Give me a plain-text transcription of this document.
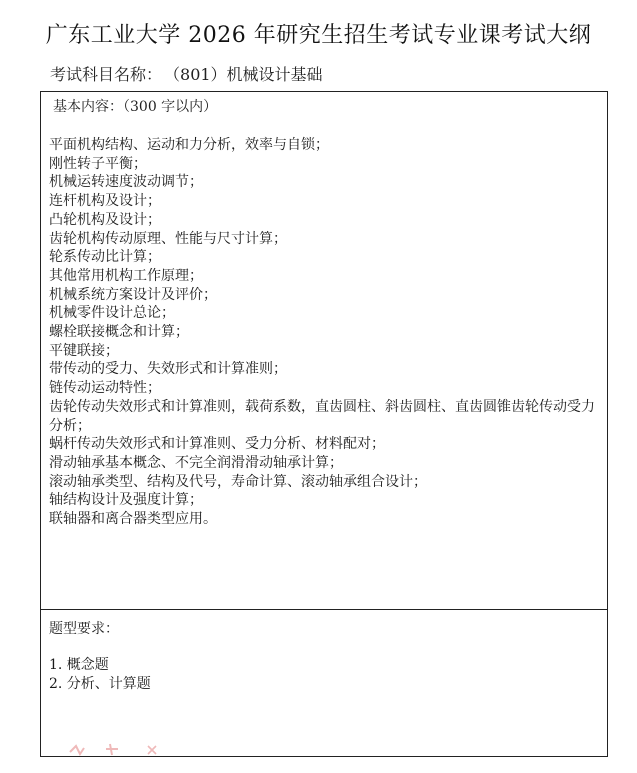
广东工业大学 2026 年研究生招生考试专业课考试大纲
考试科目名称： （801）机械设计基础
基本内容：（300 字以内）
平面机构结构、运动和力分析，效率与自锁；
刚性转子平衡；
机械运转速度波动调节；
连杆机构及设计；
凸轮机构及设计；
齿轮机构传动原理、性能与尺寸计算；
轮系传动比计算；
其他常用机构工作原理；
机械系统方案设计及评价；
机械零件设计总论；
螺栓联接概念和计算；
平键联接；
带传动的受力、失效形式和计算准则；
链传动运动特性；
齿轮传动失效形式和计算准则，载荷系数，直齿圆柱、斜齿圆柱、直齿圆锥齿轮传动受力分析；
蜗杆传动失效形式和计算准则、受力分析、材料配对；
滑动轴承基本概念、不完全润滑滑动轴承计算；
滚动轴承类型、结构及代号，寿命计算、滚动轴承组合设计；
轴结构设计及强度计算；
联轴器和离合器类型应用。
题型要求：
1. 概念题
2. 分析、计算题
